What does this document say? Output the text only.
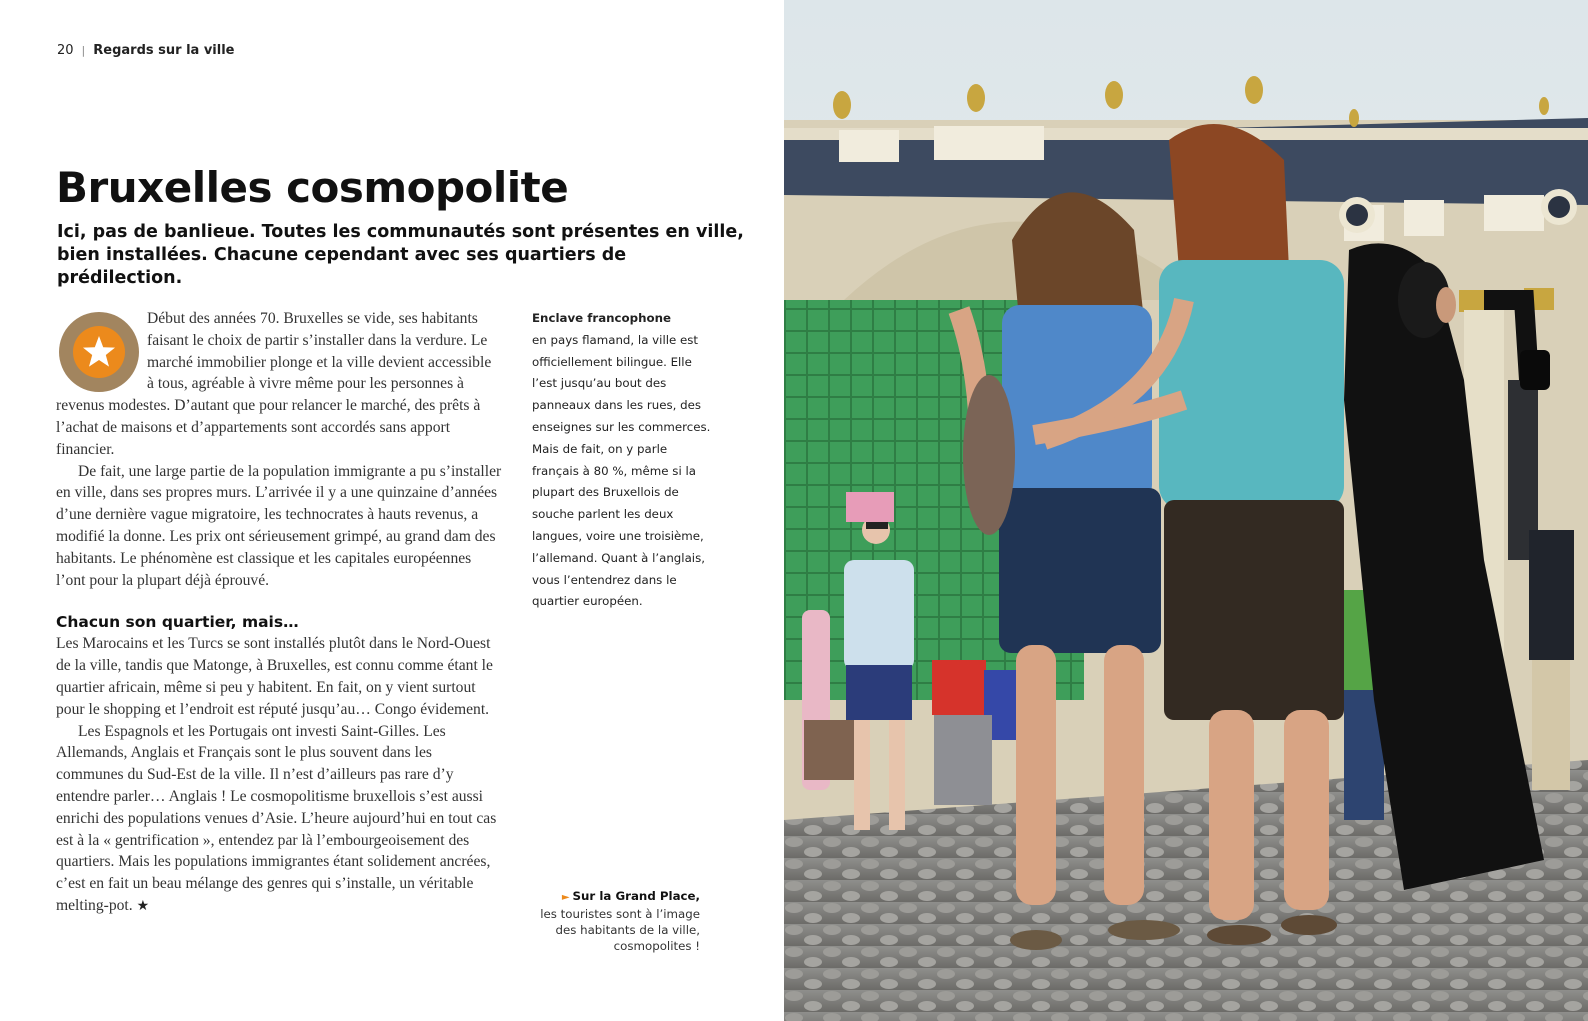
20 | Regards sur la ville
Bruxelles cosmopolite
Ici, pas de banlieue. Toutes les communautés sont présentes en ville,
bien installées. Chacune cependant avec ses quartiers de prédilection.

Début des années 70. Bruxelles se vide, ses habitants faisant le choix de partir s’installer dans la verdure. Le marché immobilier plonge et la ville devient accessible à tous, agréable à vivre même pour les personnes à revenus modestes. D’autant que pour relancer le marché, des prêts à l’achat de maisons et d’appartements sont accordés sans apport financier.

De fait, une large partie de la population immigrante a pu s’installer en ville, dans ses propres murs. L’arrivée il y a une quinzaine d’années d’une dernière vague migratoire, les technocrates à hauts revenus, a modifié la donne. Les prix ont sérieusement grimpé, au grand dam des habitants. Le phénomène est classique et les capitales européennes l’ont pour la plupart déjà éprouvé.

Chacun son quartier, mais…

Les Marocains et les Turcs se sont installés plutôt dans le Nord-Ouest de la ville, tandis que Matonge, à Bruxelles, est connu comme étant le quartier africain, même si peu y habitent. En fait, on y vient surtout pour le shopping et l’endroit est réputé jusqu’au… Congo évidement.

Les Espagnols et les Portugais ont investi Saint-Gilles. Les Allemands, Anglais et Français sont le plus souvent dans les communes du Sud-Est de la ville. Il n’est d’ailleurs pas rare d’y entendre parler… Anglais ! Le cosmopolitisme bruxellois s’est aussi enrichi des populations venues d’Asie. L’heure aujourd’hui en tout cas est à la « gentrification », entendez par là l’embourgeoisement des quartiers. Mais les populations immigrantes étant solidement ancrées, c’est en fait un beau mélange des genres qui s’installe, un véritable melting-pot. ★

Enclave francophone
en pays flamand, la ville est officiellement bilingue. Elle l’est jusqu’au bout des panneaux dans les rues, des enseignes sur les commerces. Mais de fait, on y parle français à 80 %, même si la plupart des Bruxellois de souche parlent les deux langues, voire une troisième, l’allemand. Quant à l’anglais, vous l’entendrez dans le quartier européen.
► Sur la Grand Place,
les touristes sont à l’image des habitants de la ville, cosmopolites !
